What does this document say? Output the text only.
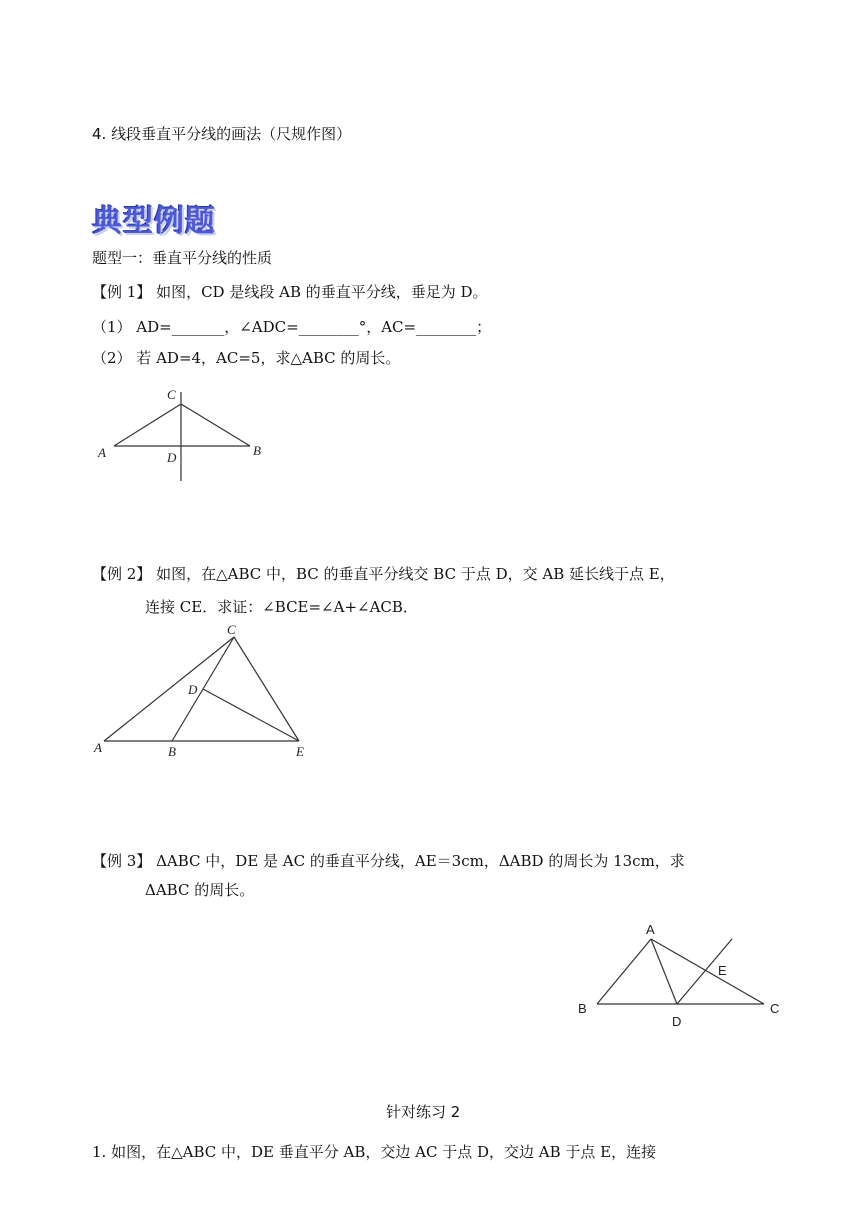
4. 线段垂直平分线的画法（尺规作图）
典型例题
题型一：垂直平分线的性质
【例 1】 如图，CD 是线段 AB 的垂直平分线，垂足为 D。
（1） AD=_______，∠ADC=________°，AC=________；
（2） 若 AD=4，AC=5，求△ABC 的周长。
C
A	D	B
【例 2】 如图，在△ABC 中，BC 的垂直平分线交 BC 于点 D，交 AB 延长线于点 E，
连接 CE．求证：∠BCE=∠A+∠ACB．
C
D
A	B	E
【例 3】 ΔABC 中，DE 是 AC 的垂直平分线，AE＝3cm，ΔABD 的周长为 13cm，求
ΔABC 的周长。
A
E
B
D
C
针对练习 2
1. 如图，在△ABC 中，DE 垂直平分 AB，交边 AC 于点 D，交边 AB 于点 E，连接
